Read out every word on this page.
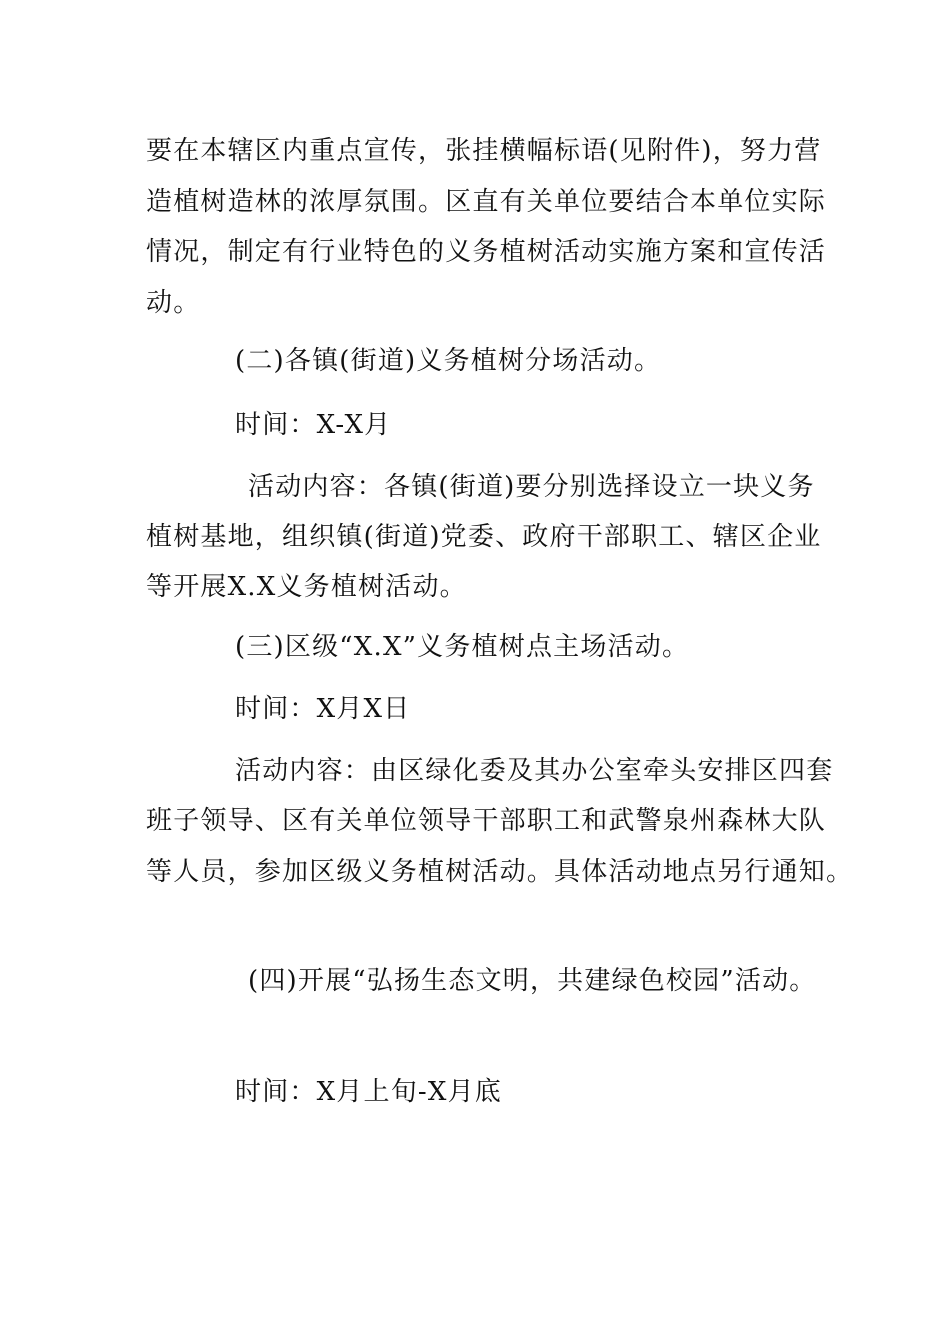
要在本辖区内重点宣传，张挂横幅标语(见附件)，努力营
造植树造林的浓厚氛围。区直有关单位要结合本单位实际
情况，制定有行业特色的义务植树活动实施方案和宣传活
动。
(二)各镇(街道)义务植树分场活动。
时间：X-X月
活动内容：各镇(街道)要分别选择设立一块义务
植树基地，组织镇(街道)党委、政府干部职工、辖区企业
等开展X.X义务植树活动。
(三)区级“X.X”义务植树点主场活动。
时间：X月X日
活动内容：由区绿化委及其办公室牵头安排区四套
班子领导、区有关单位领导干部职工和武警泉州森林大队
等人员，参加区级义务植树活动。具体活动地点另行通知。
(四)开展“弘扬生态文明，共建绿色校园”活动。
时间：X月上旬-X月底
